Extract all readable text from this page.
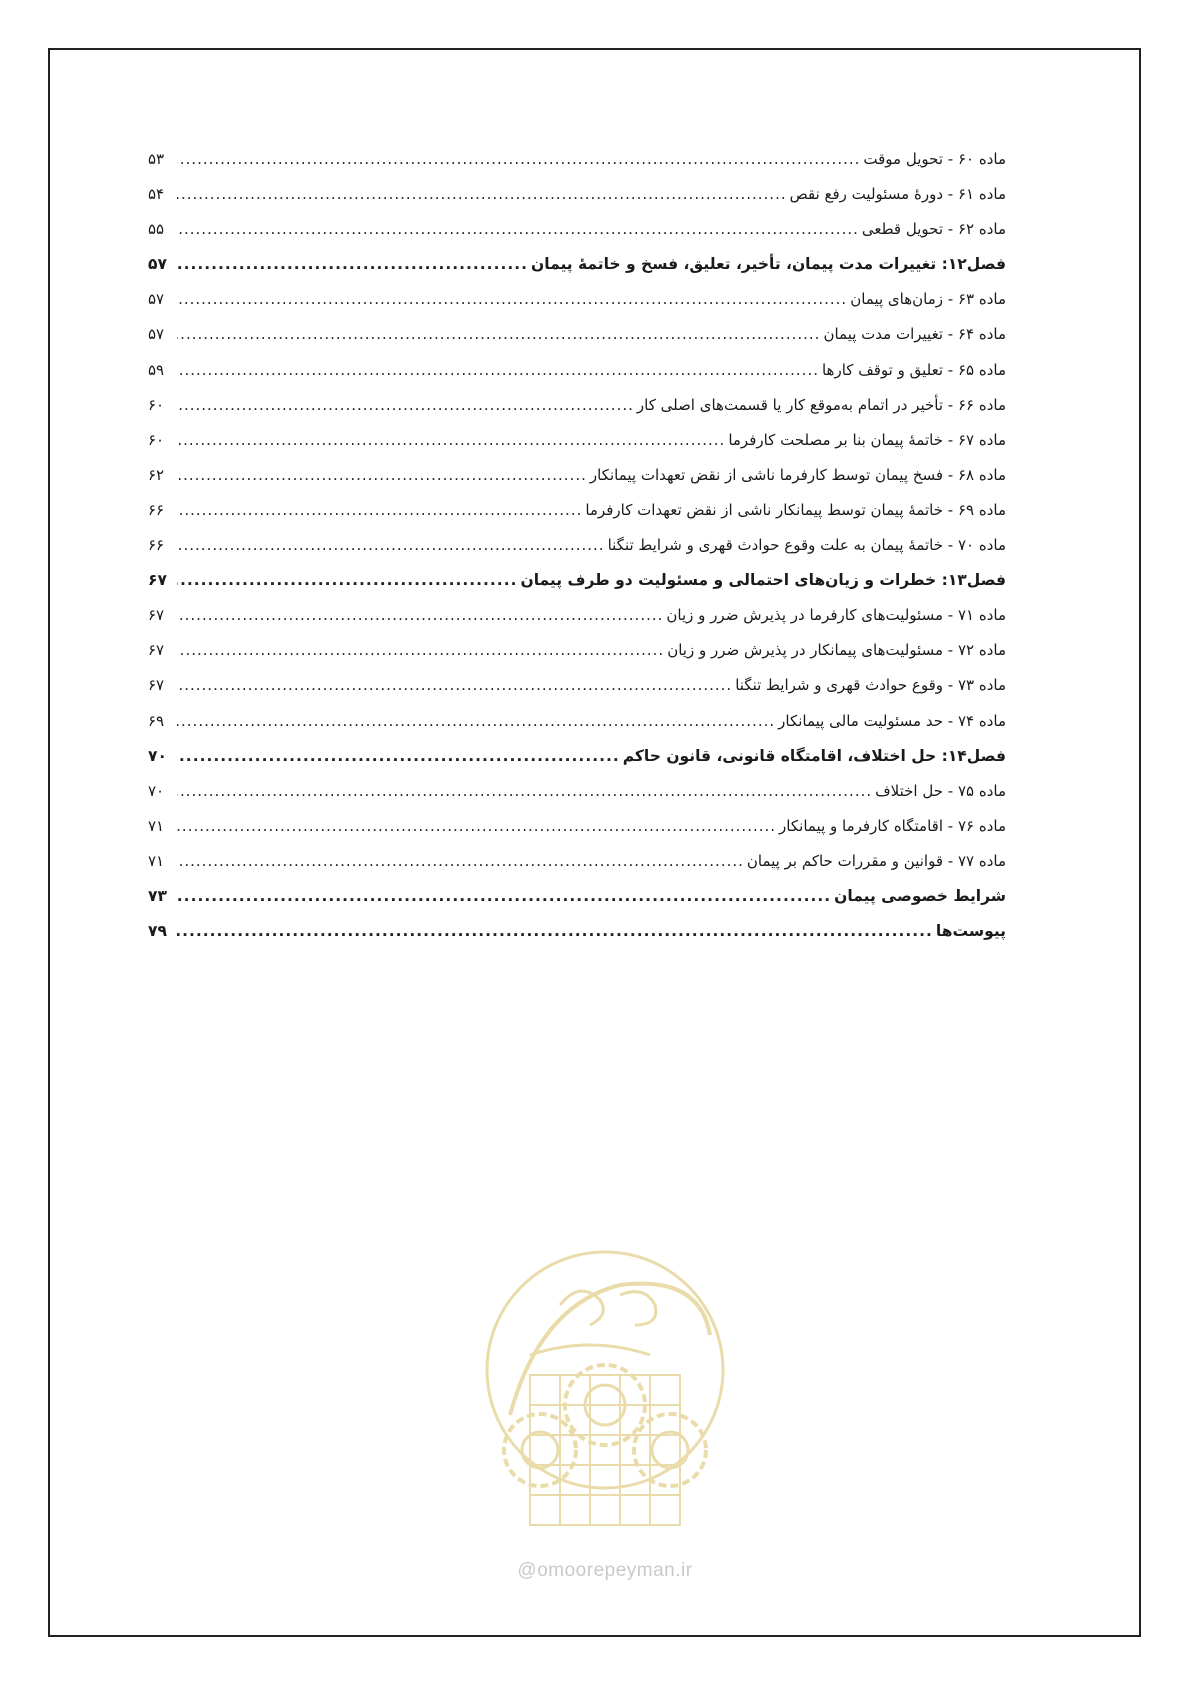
ماده ۶۰ - تحویل موقت
.....
۵۳
ماده ۶۱ - دورهٔ مسئولیت رفع نقص
.....
۵۴
ماده ۶۲ - تحویل قطعی
.....
۵۵
فصل۱۲: تغییرات مدت پیمان، تأخیر، تعلیق، فسخ و خاتمهٔ پیمان
.....
۵۷
ماده ۶۳ - زمان‌های پیمان
.....
۵۷
ماده ۶۴ - تغییرات مدت پیمان
.....
۵۷
ماده ۶۵ - تعلیق و توقف کارها
.....
۵۹
ماده ۶۶ - تأخیر در اتمام به‌موقع کار یا قسمت‌های اصلی کار
.....
۶۰
ماده ۶۷ - خاتمهٔ پیمان بنا بر مصلحت کارفرما
.....
۶۰
ماده ۶۸ - فسخ پیمان توسط کارفرما ناشی از نقض تعهدات پیمانکار
.....
۶۲
ماده ۶۹ - خاتمهٔ پیمان توسط پیمانکار ناشی از نقض تعهدات کارفرما
.....
۶۶
ماده ۷۰ - خاتمهٔ پیمان به علت وقوع حوادث قهری و شرایط تنگنا
.....
۶۶
فصل۱۳: خطرات و زیان‌های احتمالی و مسئولیت دو طرف پیمان
.....
۶۷
ماده ۷۱ - مسئولیت‌های کارفرما در پذیرش ضرر و زیان
.....
۶۷
ماده ۷۲ - مسئولیت‌های پیمانکار در پذیرش ضرر و زیان
.....
۶۷
ماده ۷۳ - وقوع حوادث قهری و شرایط تنگنا
.....
۶۷
ماده ۷۴ - حد مسئولیت مالی پیمانکار
.....
۶۹
فصل۱۴: حل اختلاف، اقامتگاه قانونی، قانون حاکم
.....
۷۰
ماده ۷۵ - حل اختلاف
.....
۷۰
ماده ۷۶ - اقامتگاه کارفرما و پیمانکار
.....
۷۱
ماده ۷۷ - قوانین و مقررات حاکم بر پیمان
.....
۷۱
شرایط خصوصی پیمان
.....
۷۳
پیوست‌ها
.....
۷۹
@omoorepeyman.ir
